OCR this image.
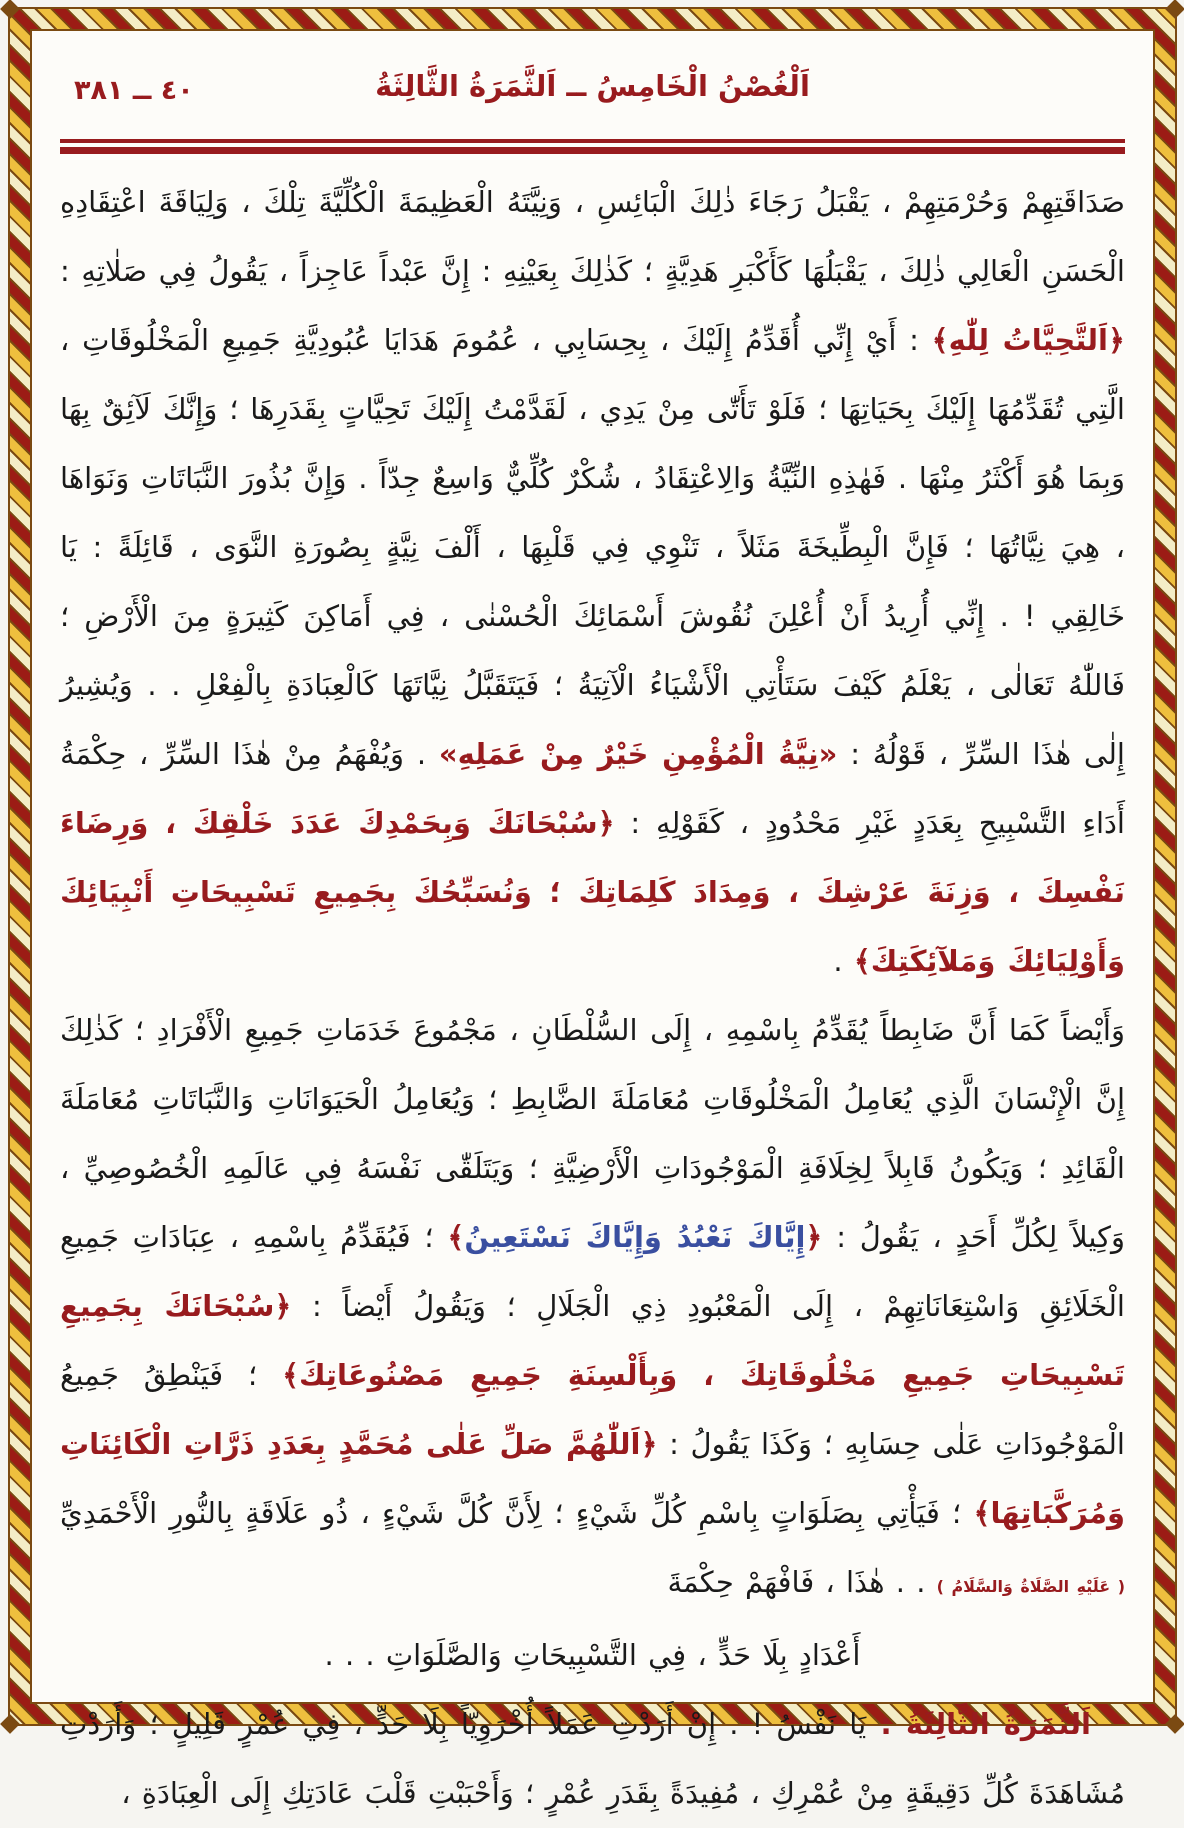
٤٠ ــ ٣٨١	اَلْغُصْنُ الْخَامِسُ ــ اَلثَّمَرَةُ الثَّالِثَةُ
صَدَاقَتِهِمْ وَحُرْمَتِهِمْ ، يَقْبَلُ رَجَاءَ ذٰلِكَ الْبَائِسِ ، وَنِيَّتَهُ الْعَظِيمَةَ الْكُلِّيَّةَ تِلْكَ ، وَلِيَاقَةَ اعْتِقَادِهِ الْحَسَنِ الْعَالِي ذٰلِكَ ، يَقْبَلُهَا كَأَكْبَرِ هَدِيَّةٍ ؛ كَذٰلِكَ بِعَيْنِهِ : إِنَّ عَبْداً عَاجِزاً ، يَقُولُ فِي صَلٰاتِهِ : ﴿اَلتَّحِيَّاتُ لِلّٰهِ﴾ : أَيْ إِنِّي أُقَدِّمُ إِلَيْكَ ، بِحِسَابِي ، عُمُومَ هَدَايَا عُبُودِيَّةِ جَمِيعِ الْمَخْلُوقَاتِ ، الَّتِي تُقَدِّمُهَا إِلَيْكَ بِحَيَاتِهَا ؛ فَلَوْ تَأَتّٰى مِنْ يَدِي ، لَقَدَّمْتُ إِلَيْكَ تَحِيَّاتٍ بِقَدَرِهَا ؛ وَإِنَّكَ لَآئِقٌ بِهَا وَبِمَا هُوَ أَكْثَرُ مِنْهَا . فَهٰذِهِ النِّيَّةُ وَالِاعْتِقَادُ ، شُكْرٌ كُلِّيٌّ وَاسِعٌ جِدّاً . وَإِنَّ بُذُورَ النَّبَاتَاتِ وَنَوَاهَا ، هِيَ نِيَّاتُهَا ؛ فَإِنَّ الْبِطِّيخَةَ مَثَلاً ، تَنْوِي فِي قَلْبِهَا ، أَلْفَ نِيَّةٍ بِصُورَةِ النَّوَى ، قَائِلَةً : يَا خَالِقِي ! . إِنِّي أُرِيدُ أَنْ أُعْلِنَ نُقُوشَ أَسْمَائِكَ الْحُسْنٰى ، فِي أَمَاكِنَ كَثِيرَةٍ مِنَ الْأَرْضِ ؛ فَاللّٰهُ تَعَالٰى ، يَعْلَمُ كَيْفَ سَتَأْتِي الْأَشْيَاءُ الْآتِيَةُ ؛ فَيَتَقَبَّلُ نِيَّاتَهَا كَالْعِبَادَةِ بِالْفِعْلِ . . وَيُشِيرُ إِلٰى هٰذَا السِّرِّ ، قَوْلُهُ : «نِيَّةُ الْمُؤْمِنِ خَيْرٌ مِنْ عَمَلِهِ» . وَيُفْهَمُ مِنْ هٰذَا السِّرِّ ، حِكْمَةُ أَدَاءِ التَّسْبِيحِ بِعَدَدٍ غَيْرِ مَحْدُودٍ ، كَقَوْلِهِ : ﴿سُبْحَانَكَ وَبِحَمْدِكَ عَدَدَ خَلْقِكَ ، وَرِضَاءَ نَفْسِكَ ، وَزِنَةَ عَرْشِكَ ، وَمِدَادَ كَلِمَاتِكَ ؛ وَنُسَبِّحُكَ بِجَمِيعِ تَسْبِيحَاتِ أَنْبِيَائِكَ وَأَوْلِيَائِكَ وَمَلآئِكَتِكَ﴾ .
وَأَيْضاً كَمَا أَنَّ ضَابِطاً يُقَدِّمُ بِاسْمِهِ ، إِلَى السُّلْطَانِ ، مَجْمُوعَ خَدَمَاتِ جَمِيعِ الْأَفْرَادِ ؛ كَذٰلِكَ إِنَّ الْإِنْسَانَ الَّذِي يُعَامِلُ الْمَخْلُوقَاتِ مُعَامَلَةَ الضَّابِطِ ؛ وَيُعَامِلُ الْحَيَوَانَاتِ وَالنَّبَاتَاتِ مُعَامَلَةَ الْقَائِدِ ؛ وَيَكُونُ قَابِلاً لِخِلَافَةِ الْمَوْجُودَاتِ الْأَرْضِيَّةِ ؛ وَيَتَلَقّٰى نَفْسَهُ فِي عَالَمِهِ الْخُصُوصِيِّ ، وَكِيلاً لِكُلِّ أَحَدٍ ، يَقُولُ : ﴿إِيَّاكَ نَعْبُدُ وَإِيَّاكَ نَسْتَعِينُ﴾ ؛ فَيُقَدِّمُ بِاسْمِهِ ، عِبَادَاتِ جَمِيعِ الْخَلَائِقِ وَاسْتِعَانَاتِهِمْ ، إِلَى الْمَعْبُودِ ذِي الْجَلَالِ ؛ وَيَقُولُ أَيْضاً : ﴿سُبْحَانَكَ بِجَمِيعِ تَسْبِيحَاتِ جَمِيعِ مَخْلُوقَاتِكَ ، وَبِأَلْسِنَةِ جَمِيعِ مَصْنُوعَاتِكَ﴾ ؛ فَيَنْطِقُ جَمِيعُ الْمَوْجُودَاتِ عَلٰى حِسَابِهِ ؛ وَكَذَا يَقُولُ : ﴿اَللّٰهُمَّ صَلِّ عَلٰى مُحَمَّدٍ بِعَدَدِ ذَرَّاتِ الْكَائِنَاتِ وَمُرَكَّبَاتِهَا﴾ ؛ فَيَأْتِي بِصَلَوَاتٍ بِاسْمِ كُلِّ شَيْءٍ ؛ لِأَنَّ كُلَّ شَيْءٍ ، ذُو عَلَاقَةٍ بِالنُّورِ الْأَحْمَدِيِّ ( عَلَيْهِ الصَّلَاةُ وَالسَّلَامُ ) . . هٰذَا ، فَافْهَمْ حِكْمَةَ
أَعْدَادٍ بِلَا حَدٍّ ، فِي التَّسْبِيحَاتِ وَالصَّلَوَاتِ . . .
اَلثَّمَرَةُ الثَّالِثَةُ : يَا نَفْسُ ! . إِنْ أَرَدْتِ عَمَلاً أُخْرَوِيّاً بِلَا حَدٍّ ، فِي عُمْرٍ قَلِيلٍ ؛ وَأَرَدْتِ مُشَاهَدَةَ كُلِّ دَقِيقَةٍ مِنْ عُمْرِكِ ، مُفِيدَةً بِقَدَرِ عُمْرٍ ؛ وَأَحْبَبْتِ قَلْبَ عَادَتِكِ إِلَى الْعِبَادَةِ ،
